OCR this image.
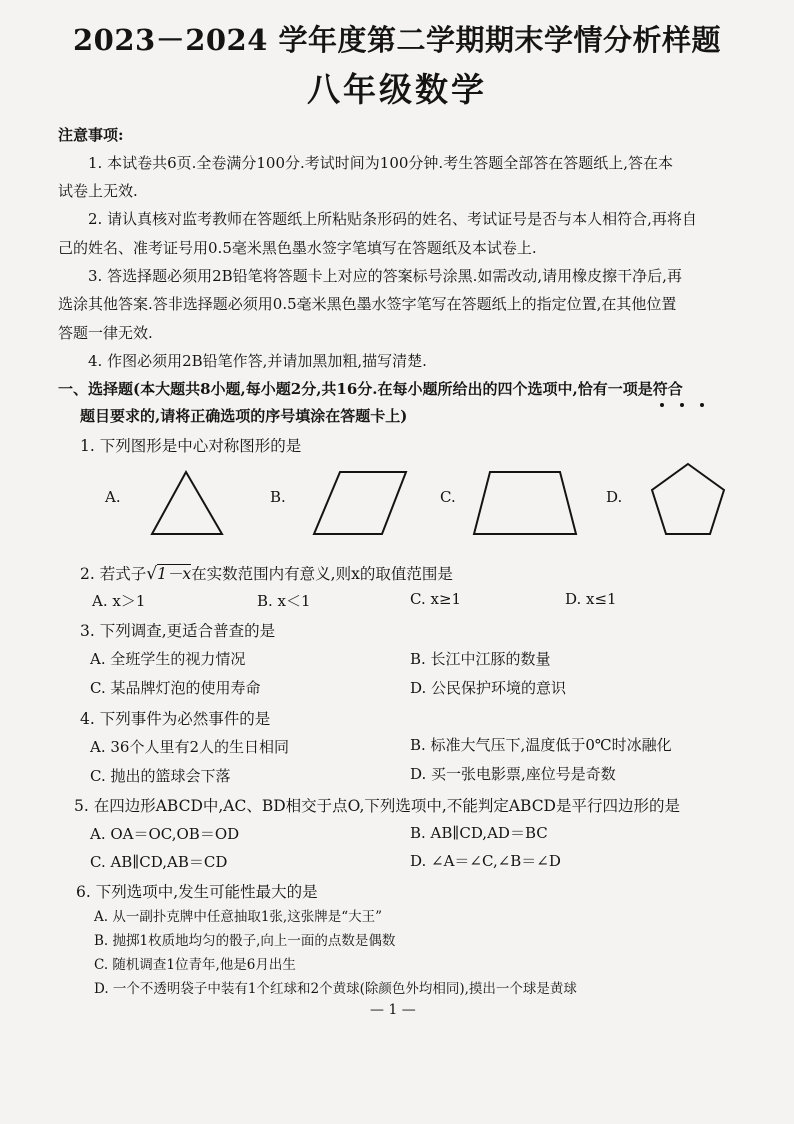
2023－2024 学年度第二学期期末学情分析样题
八年级数学
注意事项:
1. 本试卷共6页.全卷满分100分.考试时间为100分钟.考生答题全部答在答题纸上,答在本
试卷上无效.
2. 请认真核对监考教师在答题纸上所粘贴条形码的姓名、考试证号是否与本人相符合,再将自
己的姓名、准考证号用0.5毫米黑色墨水签字笔填写在答题纸及本试卷上.
3. 答选择题必须用2B铅笔将答题卡上对应的答案标号涂黑.如需改动,请用橡皮擦干净后,再
选涂其他答案.答非选择题必须用0.5毫米黑色墨水签字笔写在答题纸上的指定位置,在其他位置
答题一律无效.
4. 作图必须用2B铅笔作答,并请加黑加粗,描写清楚.
一、选择题(本大题共8小题,每小题2分,共16分.在每小题所给出的四个选项中,恰有一项是符合
题目要求的,请将正确选项的序号填涂在答题卡上)
1. 下列图形是中心对称图形的是
A.	B.	C.	D.
2. 若式子√1－x在实数范围内有意义,则x的取值范围是
A. x＞1	B. x＜1	C. x≥1	D. x≤1
3. 下列调查,更适合普查的是
A. 全班学生的视力情况	B. 长江中江豚的数量
C. 某品牌灯泡的使用寿命	D. 公民保护环境的意识
4. 下列事件为必然事件的是
A. 36个人里有2人的生日相同	B. 标准大气压下,温度低于0℃时冰融化
C. 抛出的篮球会下落	D. 买一张电影票,座位号是奇数
5. 在四边形ABCD中,AC、BD相交于点O,下列选项中,不能判定ABCD是平行四边形的是
A. OA＝OC,OB＝OD	B. AB∥CD,AD＝BC
C. AB∥CD,AB＝CD	D. ∠A＝∠C,∠B＝∠D
6. 下列选项中,发生可能性最大的是
A. 从一副扑克牌中任意抽取1张,这张牌是“大王”
B. 抛掷1枚质地均匀的骰子,向上一面的点数是偶数
C. 随机调查1位青年,他是6月出生
D. 一个不透明袋子中装有1个红球和2个黄球(除颜色外均相同),摸出一个球是黄球
— 1 —
